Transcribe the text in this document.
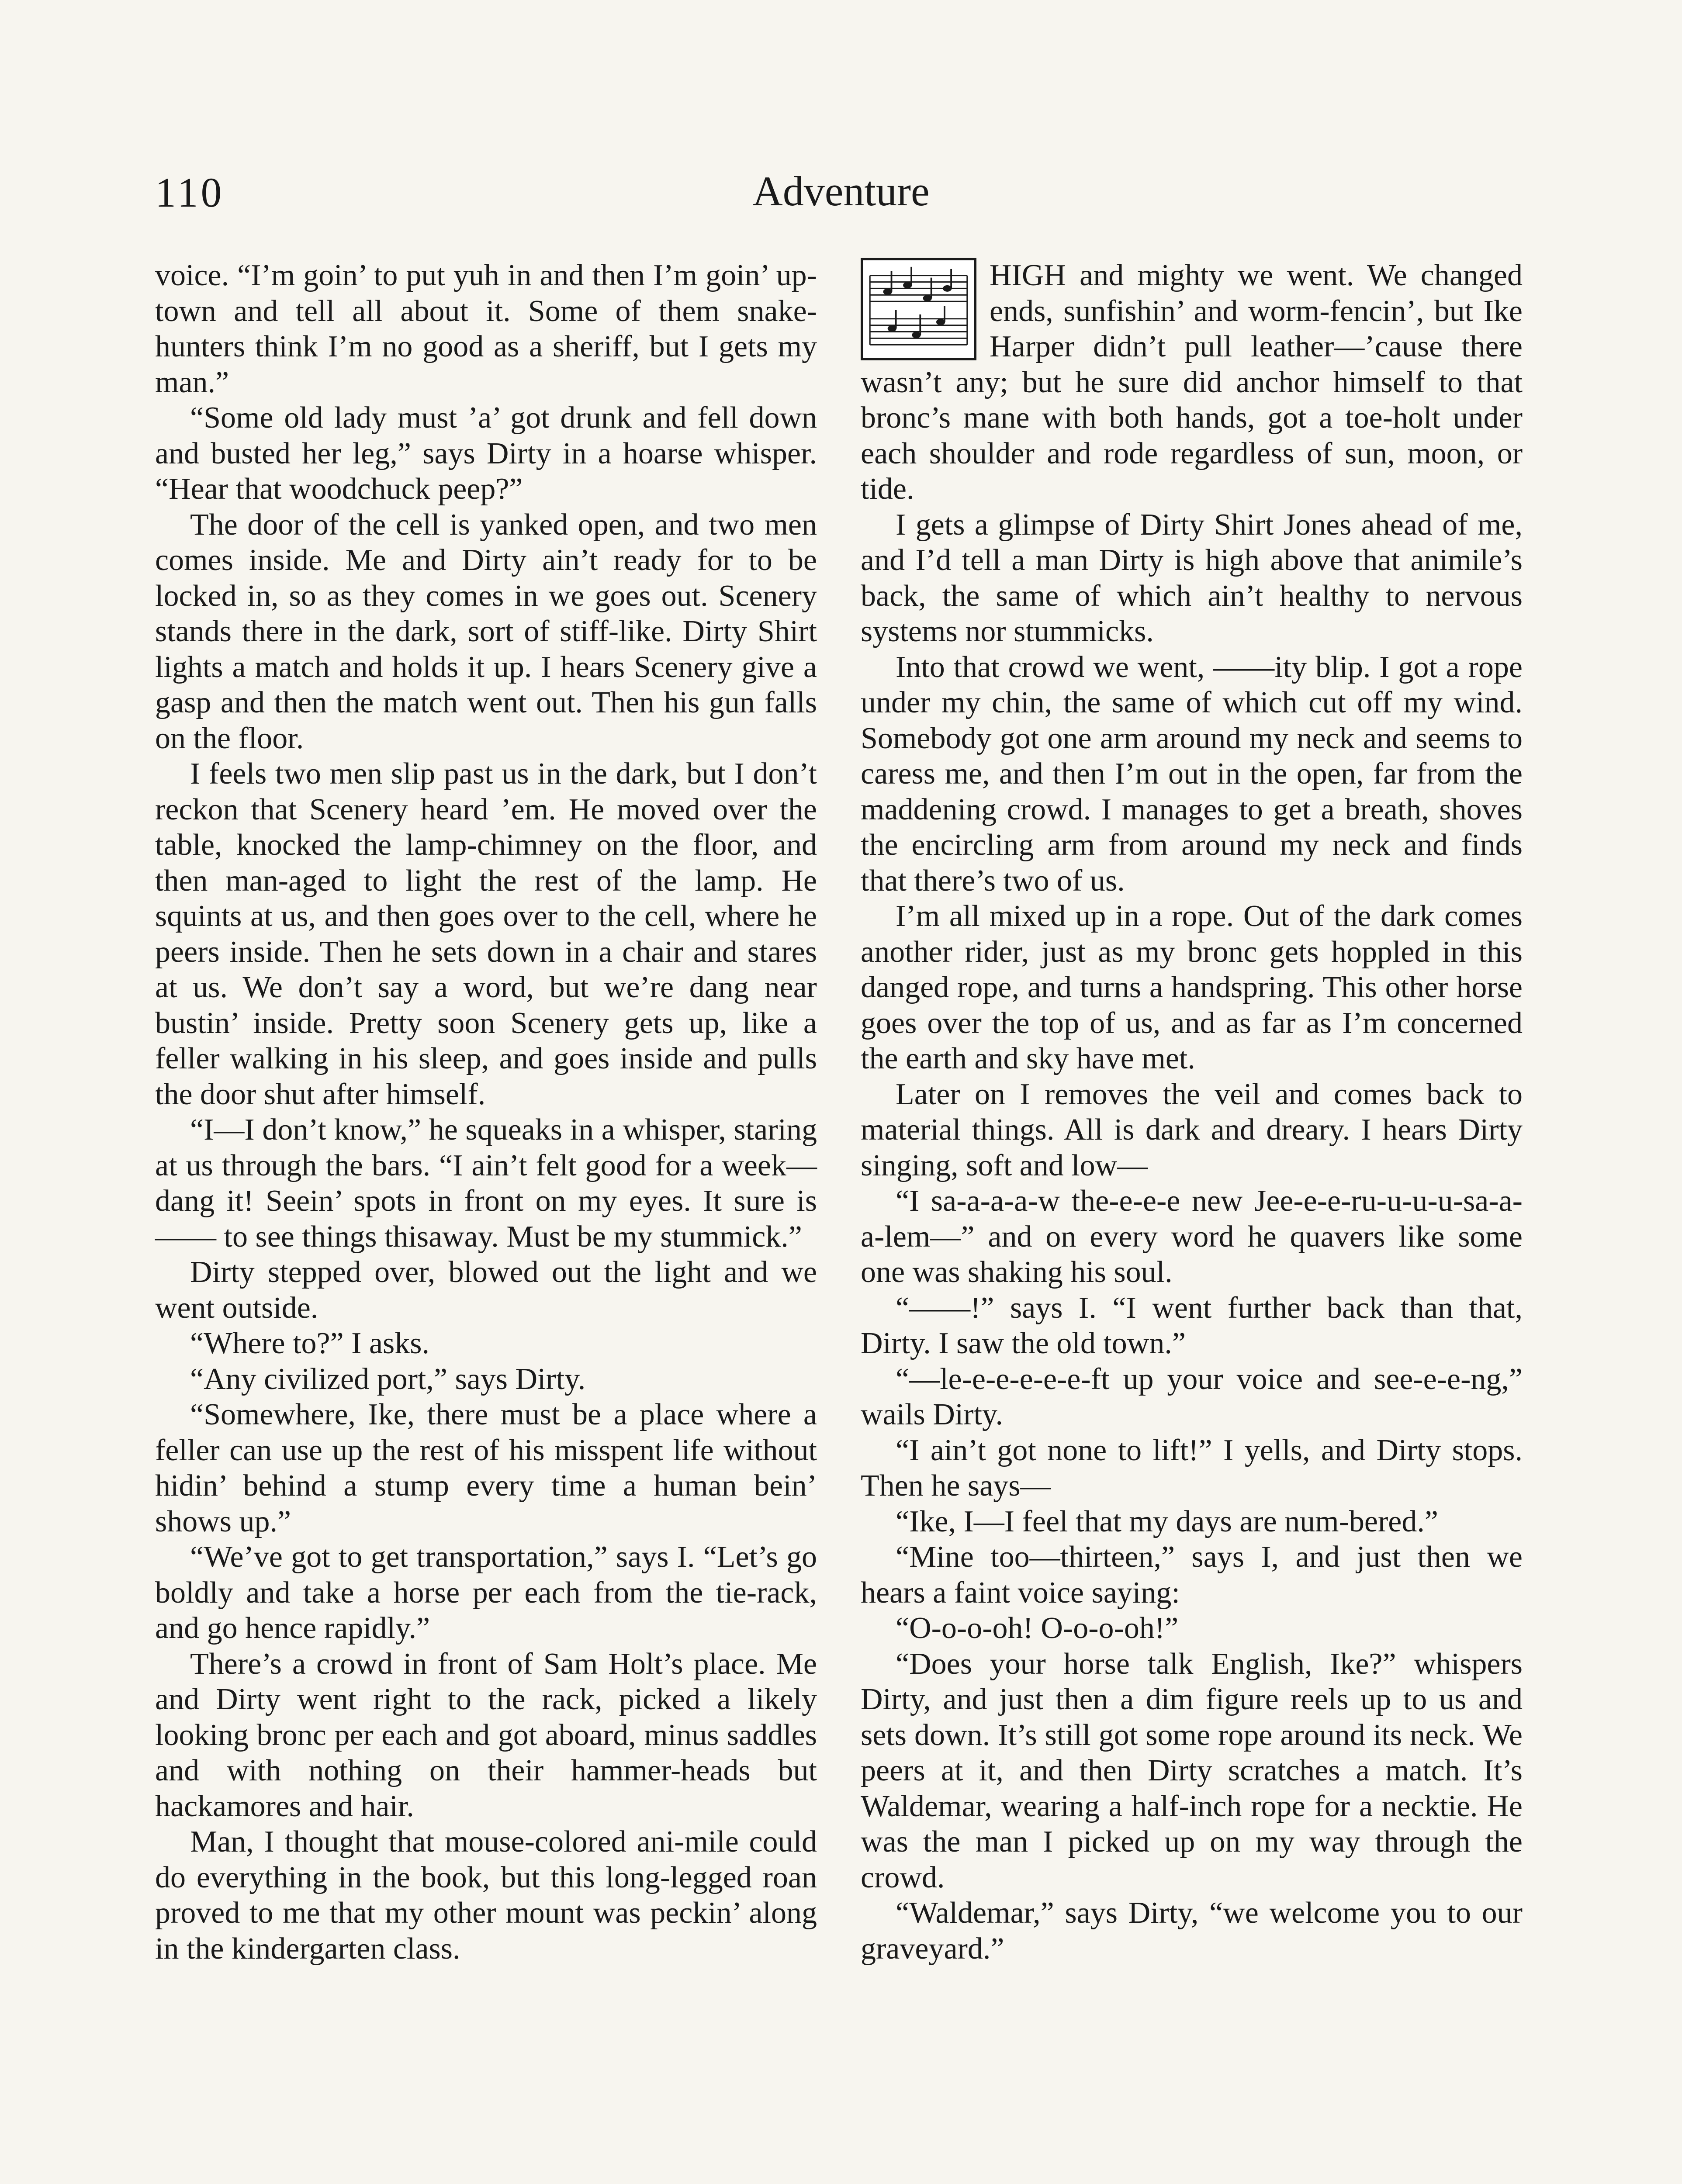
110	Adventure

voice. “I’m goin’ to put yuh in and then I’m goin’ up-town and tell all about it. Some of them snake-hunters think I’m no good as a sheriff, but I gets my man.”

“Some old lady must ’a’ got drunk and fell down and busted her leg,” says Dirty in a hoarse whisper. “Hear that woodchuck peep?”

The door of the cell is yanked open, and two men comes inside. Me and Dirty ain’t ready for to be locked in, so as they comes in we goes out. Scenery stands there in the dark, sort of stiff-like. Dirty Shirt lights a match and holds it up. I hears Scenery give a gasp and then the match went out. Then his gun falls on the floor.

I feels two men slip past us in the dark, but I don’t reckon that Scenery heard ’em. He moved over the table, knocked the lamp-chimney on the floor, and then man-aged to light the rest of the lamp. He squints at us, and then goes over to the cell, where he peers inside. Then he sets down in a chair and stares at us. We don’t say a word, but we’re dang near bustin’ inside. Pretty soon Scenery gets up, like a feller walking in his sleep, and goes inside and pulls the door shut after himself.

“I—I don’t know,” he squeaks in a whisper, staring at us through the bars. “I ain’t felt good for a week—dang it! Seein’ spots in front on my eyes. It sure is —— to see things thisaway. Must be my stummick.”

Dirty stepped over, blowed out the light and we went outside.

“Where to?” I asks.

“Any civilized port,” says Dirty.

“Somewhere, Ike, there must be a place where a feller can use up the rest of his misspent life without hidin’ behind a stump every time a human bein’ shows up.”

“We’ve got to get transportation,” says I. “Let’s go boldly and take a horse per each from the tie-rack, and go hence rapidly.”

There’s a crowd in front of Sam Holt’s place. Me and Dirty went right to the rack, picked a likely looking bronc per each and got aboard, minus saddles and with nothing on their hammer-heads but hackamores and hair.

Man, I thought that mouse-colored ani-mile could do everything in the book, but this long-legged roan proved to me that my other mount was peckin’ along in the kindergarten class.

HIGH and mighty we went. We changed ends, sunfishin’ and worm-fencin’, but Ike Harper didn’t pull leather—’cause there wasn’t any; but he sure did anchor himself to that bronc’s mane with both hands, got a toe-holt under each shoulder and rode regardless of sun, moon, or tide.

I gets a glimpse of Dirty Shirt Jones ahead of me, and I’d tell a man Dirty is high above that animile’s back, the same of which ain’t healthy to nervous systems nor stummicks.

Into that crowd we went, ——ity blip. I got a rope under my chin, the same of which cut off my wind. Somebody got one arm around my neck and seems to caress me, and then I’m out in the open, far from the maddening crowd. I manages to get a breath, shoves the encircling arm from around my neck and finds that there’s two of us.

I’m all mixed up in a rope. Out of the dark comes another rider, just as my bronc gets hoppled in this danged rope, and turns a handspring. This other horse goes over the top of us, and as far as I’m concerned the earth and sky have met.

Later on I removes the veil and comes back to material things. All is dark and dreary. I hears Dirty singing, soft and low—

“I sa-a-a-a-w the-e-e-e new Jee-e-e-ru-u-u-u-sa-a-a-lem—” and on every word he quavers like some one was shaking his soul.

“——!” says I. “I went further back than that, Dirty. I saw the old town.”

“—le-e-e-e-e-e-ft up your voice and see-e-e-ng,” wails Dirty.

“I ain’t got none to lift!” I yells, and Dirty stops. Then he says—

“Ike, I—I feel that my days are num-bered.”

“Mine too—thirteen,” says I, and just then we hears a faint voice saying:

“O-o-o-oh! O-o-o-oh!”

“Does your horse talk English, Ike?” whispers Dirty, and just then a dim figure reels up to us and sets down. It’s still got some rope around its neck. We peers at it, and then Dirty scratches a match. It’s Waldemar, wearing a half-inch rope for a necktie. He was the man I picked up on my way through the crowd.

“Waldemar,” says Dirty, “we welcome you to our graveyard.”
